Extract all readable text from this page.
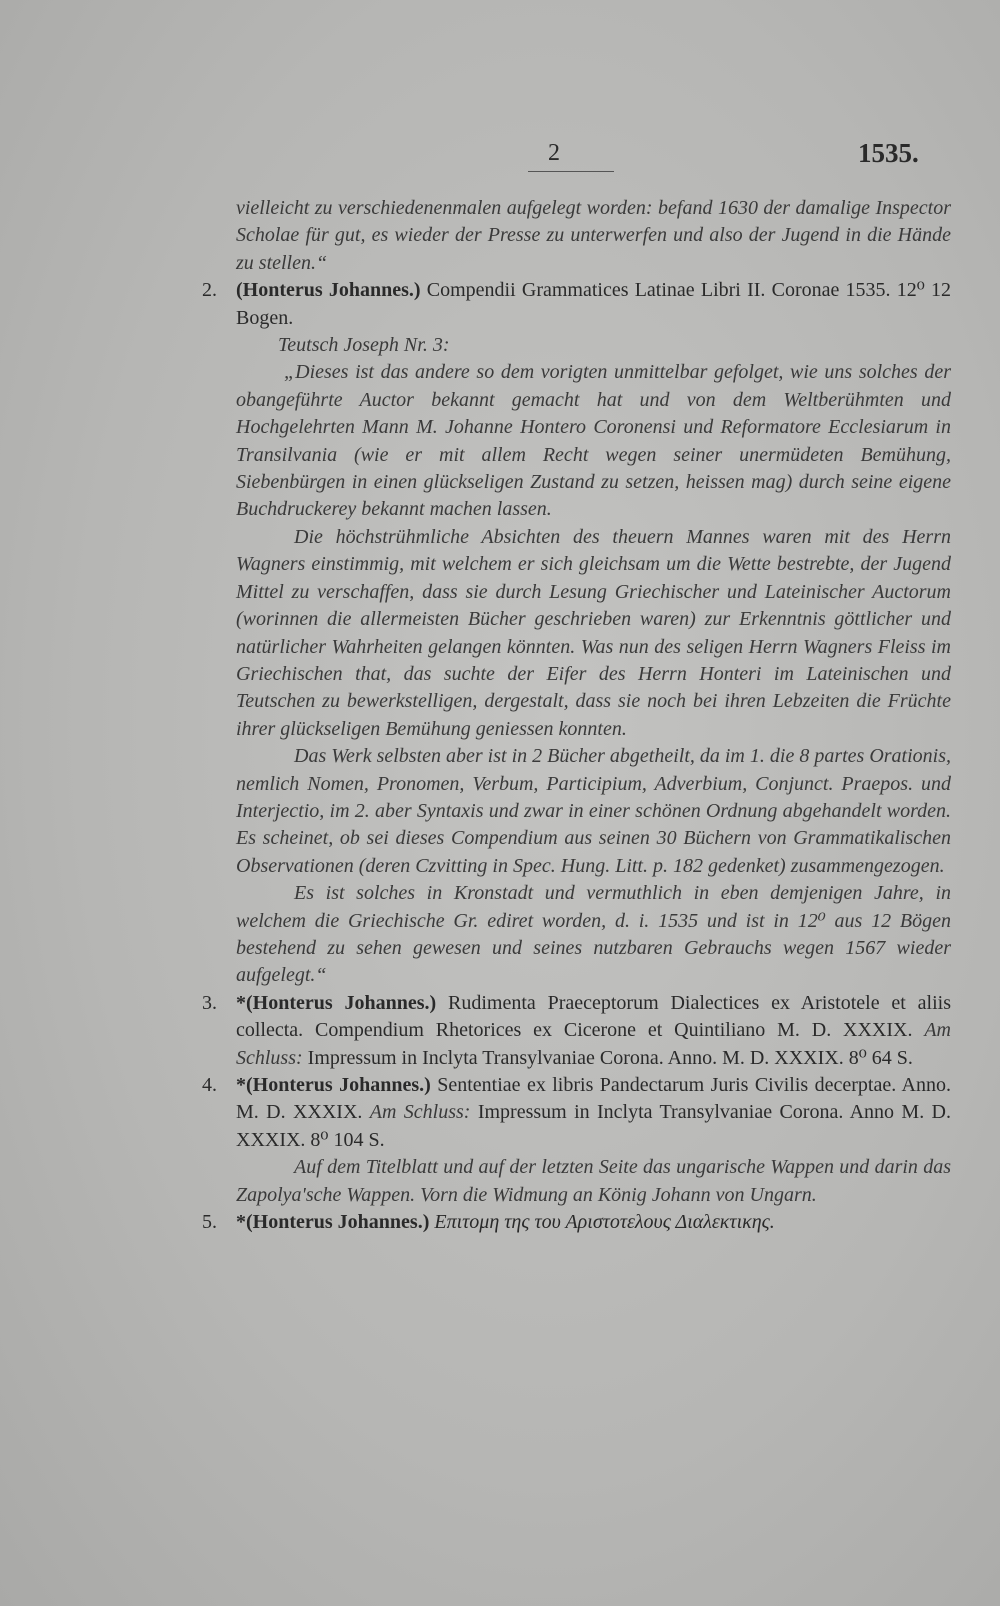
2	1535.

vielleicht zu verschiedenenmalen aufgelegt worden: befand 1630 der damalige Inspector Scholae für gut, es wieder der Presse zu unterwerfen und also der Jugend in die Hände zu stellen.“

2. (Honterus Johannes.) Compendii Grammatices Latinae Libri II. Coronae 1535. 12⁰ 12 Bogen.

Teutsch Joseph Nr. 3:

„Dieses ist das andere so dem vorigten unmittelbar gefolget, wie uns solches der obangeführte Auctor bekannt gemacht hat und von dem Weltberühmten und Hochgelehrten Mann M. Johanne Hontero Coronensi und Reformatore Ecclesiarum in Transilvania (wie er mit allem Recht wegen seiner unermüdeten Bemühung, Siebenbürgen in einen glückseligen Zustand zu setzen, heissen mag) durch seine eigene Buchdruckerey bekannt machen lassen.

Die höchstrühmliche Absichten des theuern Mannes waren mit des Herrn Wagners einstimmig, mit welchem er sich gleichsam um die Wette bestrebte, der Jugend Mittel zu verschaffen, dass sie durch Lesung Griechischer und Lateinischer Auctorum (worinnen die allermeisten Bücher geschrieben waren) zur Erkenntnis göttlicher und natürlicher Wahrheiten gelangen könnten. Was nun des seligen Herrn Wagners Fleiss im Griechischen that, das suchte der Eifer des Herrn Honteri im Lateinischen und Teutschen zu bewerkstelligen, dergestalt, dass sie noch bei ihren Lebzeiten die Früchte ihrer glückseligen Bemühung geniessen konnten.

Das Werk selbsten aber ist in 2 Bücher abgetheilt, da im 1. die 8 partes Orationis, nemlich Nomen, Pronomen, Verbum, Participium, Adverbium, Conjunct. Praepos. und Interjectio, im 2. aber Syntaxis und zwar in einer schönen Ordnung abgehandelt worden. Es scheinet, ob sei dieses Compendium aus seinen 30 Büchern von Grammatikalischen Observationen (deren Czvitting in Spec. Hung. Litt. p. 182 gedenket) zusammengezogen.

Es ist solches in Kronstadt und vermuthlich in eben demjenigen Jahre, in welchem die Griechische Gr. ediret worden, d. i. 1535 und ist in 12⁰ aus 12 Bögen bestehend zu sehen gewesen und seines nutzbaren Gebrauchs wegen 1567 wieder aufgelegt.“

3. *(Honterus Johannes.) Rudimenta Praeceptorum Dialectices ex Aristotele et aliis collecta. Compendium Rhetorices ex Cicerone et Quintiliano M. D. XXXIX. Am Schluss: Impressum in Inclyta Transylvaniae Corona. Anno. M. D. XXXIX. 8⁰ 64 S.

4. *(Honterus Johannes.) Sententiae ex libris Pandectarum Juris Civilis decerptae. Anno. M. D. XXXIX. Am Schluss: Impressum in Inclyta Transylvaniae Corona. Anno M. D. XXXIX. 8⁰ 104 S.

Auf dem Titelblatt und auf der letzten Seite das ungarische Wappen und darin das Zapolya'sche Wappen. Vorn die Widmung an König Johann von Ungarn.

5. *(Honterus Johannes.) Επιτομη της του Αριστοτελους Διαλεκτικης.
